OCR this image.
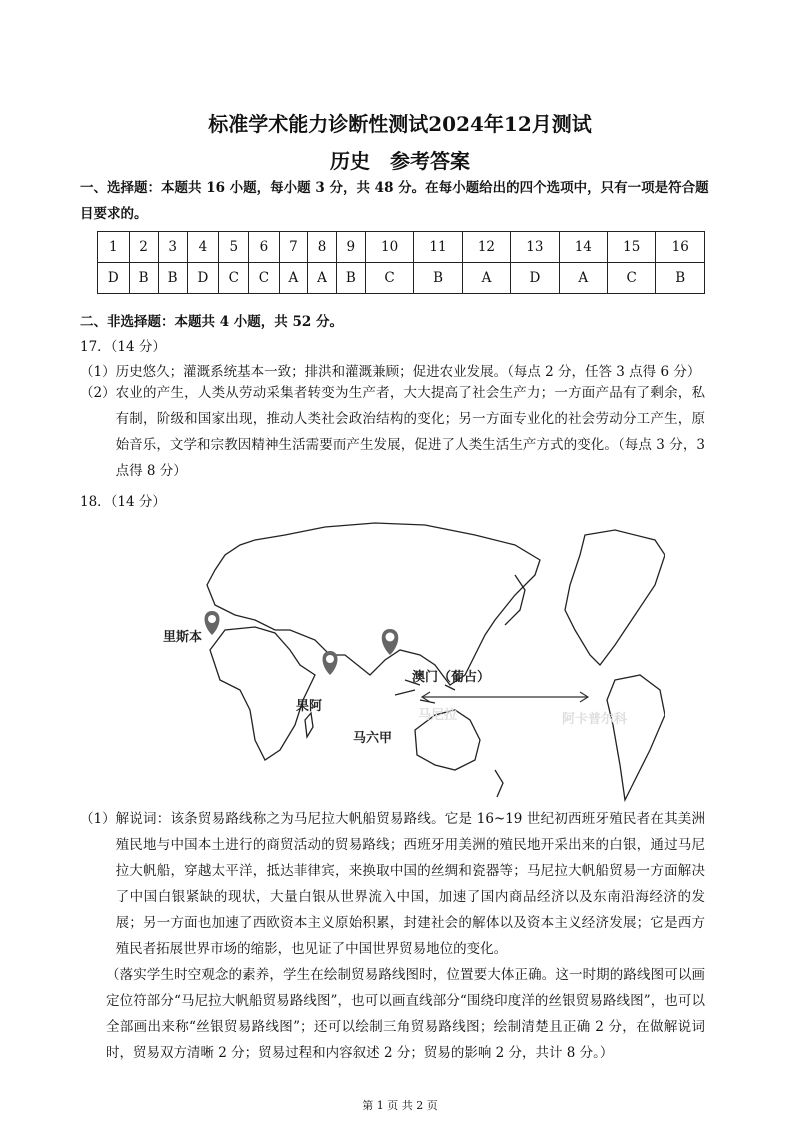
标准学术能力诊断性测试2024年12月测试
历史　参考答案
一、选择题：本题共 16 小题，每小题 3 分，共 48 分。在每小题给出的四个选项中，只有一项是符合题
目要求的。
1	2	3	4	5	6	7	8	9	10	11	12	13	14	15	16
D	B	B	D	C	C	A	A	B	C	B	A	D	A	C	B
二、非选择题：本题共 4 小题，共 52 分。
17．（14 分）
（1）历史悠久；灌溉系统基本一致；排洪和灌溉兼顾；促进农业发展。（每点 2 分，任答 3 点得 6 分）
（2） 农业的产生，人类从劳动采集者转变为生产者，大大提高了社会生产力；一方面产品有了剩余，私有制，阶级和国家出现，推动人类社会政治结构的变化；另一方面专业化的社会劳动分工产生，原始音乐，文学和宗教因精神生活需要而产生发展，促进了人类生活生产方式的变化。（每点 3 分，3 点得 8 分）
18．（14 分）
里斯本
果阿
马六甲
澳门（葡占）
马尼拉	阿卡普尔科
（1） 解说词：该条贸易路线称之为马尼拉大帆船贸易路线。它是 16~19 世纪初西班牙殖民者在其美洲殖民地与中国本土进行的商贸活动的贸易路线；西班牙用美洲的殖民地开采出来的白银，通过马尼拉大帆船，穿越太平洋，抵达菲律宾，来换取中国的丝绸和瓷器等；马尼拉大帆船贸易一方面解决了中国白银紧缺的现状，大量白银从世界流入中国，加速了国内商品经济以及东南沿海经济的发展；另一方面也加速了西欧资本主义原始积累，封建社会的解体以及资本主义经济发展；它是西方殖民者拓展世界市场的缩影，也见证了中国世界贸易地位的变化。
（落实学生时空观念的素养，学生在绘制贸易路线图时，位置要大体正确。这一时期的路线图可以画定位符部分“马尼拉大帆船贸易路线图”，也可以画直线部分“围绕印度洋的丝银贸易路线图”，也可以全部画出来称“丝银贸易路线图”；还可以绘制三角贸易路线图；绘制清楚且正确 2 分，在做解说词时，贸易双方清晰 2 分；贸易过程和内容叙述 2 分；贸易的影响 2 分，共计 8 分。）
第 1 页 共 2 页
